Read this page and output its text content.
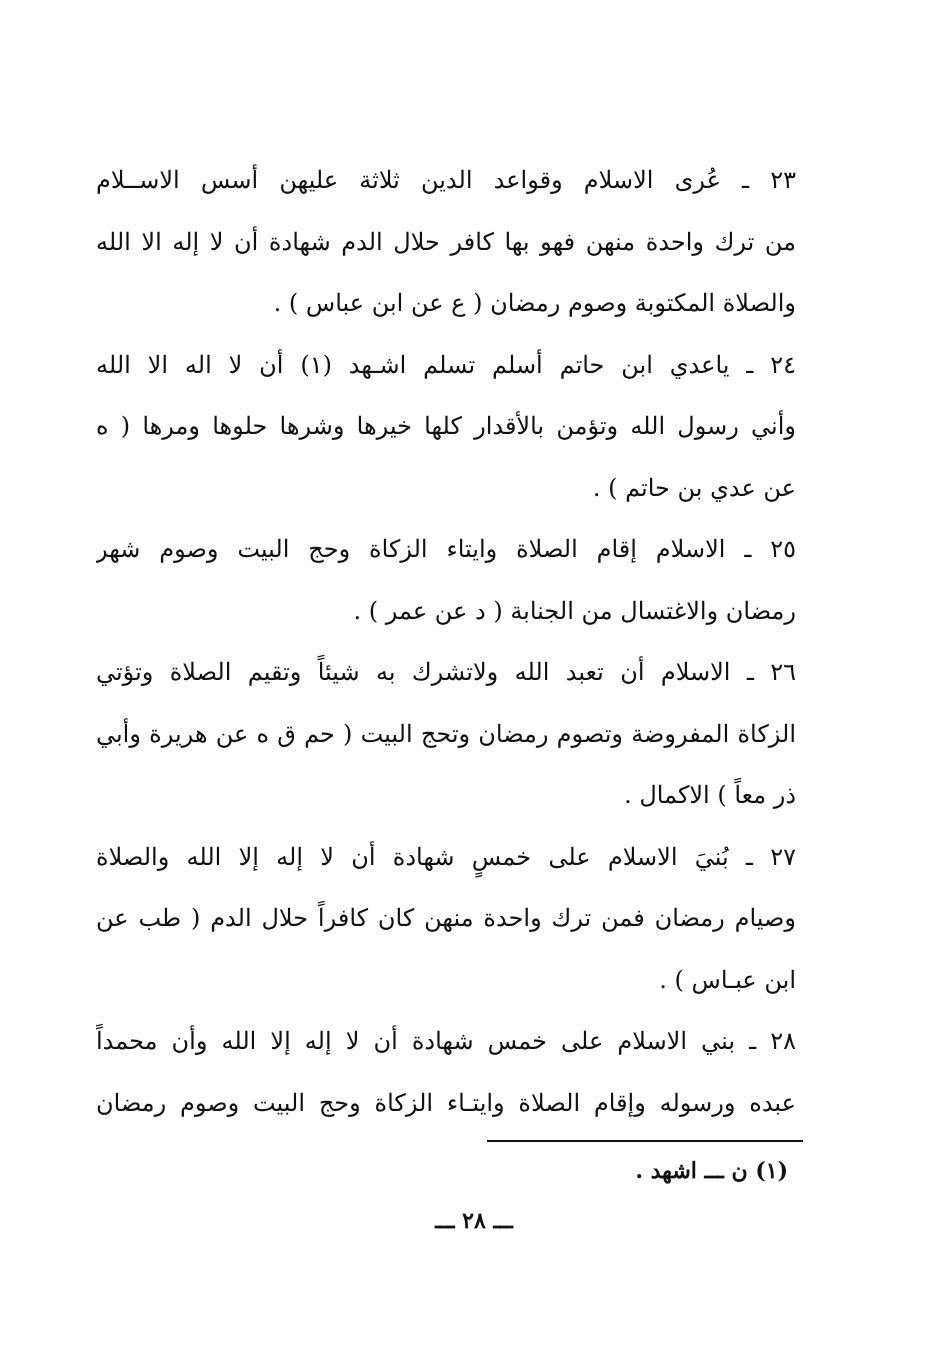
٢٣ ـ عُرى الاسلام وقواعد الدين ثلاثة عليهن أسس الاســلام
من ترك واحدة منهن فهو بها كافر حلال الدم شهادة أن لا إله الا الله
والصلاة المكتوبة وصوم رمضان ( ع عن ابن عباس ) .
٢٤ ـ ياعدي ابن حاتم أسلم تسلم اشـهد (١) أن لا اله الا الله
وأني رسول الله وتؤمن بالأقدار كلها خيرها وشرها حلوها ومرها ( ه
عن عدي بن حاتم ) .
٢٥ ـ الاسلام إقام الصلاة وايتاء الزكاة وحج البيت وصوم شهر
رمضان والاغتسال من الجنابة ( د عن عمر ) .
٢٦ ـ الاسلام أن تعبد الله ولاتشرك به شيئاً وتقيم الصلاة وتؤتي
الزكاة المفروضة وتصوم رمضان وتحج البيت ( حم ق ه عن هريرة وأبي
ذر معاً ) الاكمال .
٢٧ ـ بُنيَ الاسلام على خمسٍ شهادة أن لا إله إلا الله والصلاة
وصيام رمضان فمن ترك واحدة منهن كان كافراً حلال الدم ( طب عن
ابن عبـاس ) .
٢٨ ـ بني الاسلام على خمس شهادة أن لا إله إلا الله وأن محمداً
عبده ورسوله وإقام الصلاة وايتـاء الزكاة وحج البيت وصوم رمضان
(١) ن ـــ اشهد .
ـــ ٢٨ ـــ
